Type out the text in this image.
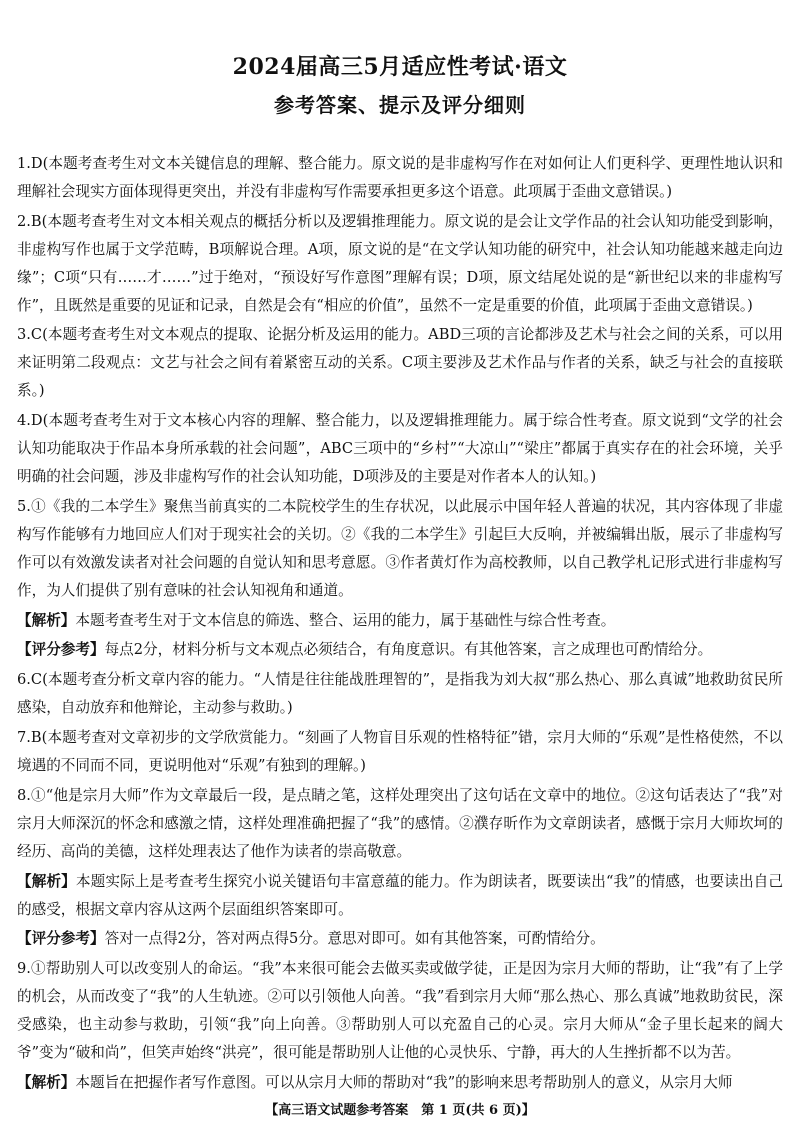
2024届高三5月适应性考试·语文
参考答案、提示及评分细则

1.D(本题考查考生对文本关键信息的理解、整合能力。原文说的是非虚构写作在对如何让人们更科学、更理性地认识和理解社会现实方面体现得更突出，并没有非虚构写作需要承担更多这个语意。此项属于歪曲文意错误。)

2.B(本题考查考生对文本相关观点的概括分析以及逻辑推理能力。原文说的是会让文学作品的社会认知功能受到影响，非虚构写作也属于文学范畴，B项解说合理。A项，原文说的是“在文学认知功能的研究中，社会认知功能越来越走向边缘”；C项“只有……才……”过于绝对，“预设好写作意图”理解有误；D项，原文结尾处说的是“新世纪以来的非虚构写作”，且既然是重要的见证和记录，自然是会有“相应的价值”，虽然不一定是重要的价值，此项属于歪曲文意错误。)

3.C(本题考查考生对文本观点的提取、论据分析及运用的能力。ABD三项的言论都涉及艺术与社会之间的关系，可以用来证明第二段观点：文艺与社会之间有着紧密互动的关系。C项主要涉及艺术作品与作者的关系，缺乏与社会的直接联系。)

4.D(本题考查考生对于文本核心内容的理解、整合能力，以及逻辑推理能力。属于综合性考查。原文说到“文学的社会认知功能取决于作品本身所承载的社会问题”，ABC三项中的“乡村”“大凉山”“梁庄”都属于真实存在的社会环境，关乎明确的社会问题，涉及非虚构写作的社会认知功能，D项涉及的主要是对作者本人的认知。)

5.①《我的二本学生》聚焦当前真实的二本院校学生的生存状况，以此展示中国年轻人普遍的状况，其内容体现了非虚构写作能够有力地回应人们对于现实社会的关切。②《我的二本学生》引起巨大反响，并被编辑出版，展示了非虚构写作可以有效激发读者对社会问题的自觉认知和思考意愿。③作者黄灯作为高校教师，以自己教学札记形式进行非虚构写作，为人们提供了别有意味的社会认知视角和通道。

【解析】本题考查考生对于文本信息的筛选、整合、运用的能力，属于基础性与综合性考查。

【评分参考】每点2分，材料分析与文本观点必须结合，有角度意识。有其他答案，言之成理也可酌情给分。

6.C(本题考查分析文章内容的能力。“人情是往往能战胜理智的”，是指我为刘大叔“那么热心、那么真诚”地救助贫民所感染，自动放弃和他辩论，主动参与救助。)

7.B(本题考查对文章初步的文学欣赏能力。“刻画了人物盲目乐观的性格特征”错，宗月大师的“乐观”是性格使然，不以境遇的不同而不同，更说明他对“乐观”有独到的理解。)

8.①“他是宗月大师”作为文章最后一段，是点睛之笔，这样处理突出了这句话在文章中的地位。②这句话表达了“我”对宗月大师深沉的怀念和感激之情，这样处理准确把握了“我”的感情。②濮存昕作为文章朗读者，感慨于宗月大师坎坷的经历、高尚的美德，这样处理表达了他作为读者的崇高敬意。

【解析】本题实际上是考查考生探究小说关键语句丰富意蕴的能力。作为朗读者，既要读出“我”的情感，也要读出自己的感受，根据文章内容从这两个层面组织答案即可。

【评分参考】答对一点得2分，答对两点得5分。意思对即可。如有其他答案，可酌情给分。

9.①帮助别人可以改变别人的命运。“我”本来很可能会去做买卖或做学徒，正是因为宗月大师的帮助，让“我”有了上学的机会，从而改变了“我”的人生轨迹。②可以引领他人向善。“我”看到宗月大师“那么热心、那么真诚”地救助贫民，深受感染，也主动参与救助，引领“我”向上向善。③帮助别人可以充盈自己的心灵。宗月大师从“金子里长起来的阔大爷”变为“破和尚”，但笑声始终“洪亮”，很可能是帮助别人让他的心灵快乐、宁静，再大的人生挫折都不以为苦。

【解析】本题旨在把握作者写作意图。可以从宗月大师的帮助对“我”的影响来思考帮助别人的意义，从宗月大师

【高三语文试题参考答案　第 1 页(共 6 页)】
